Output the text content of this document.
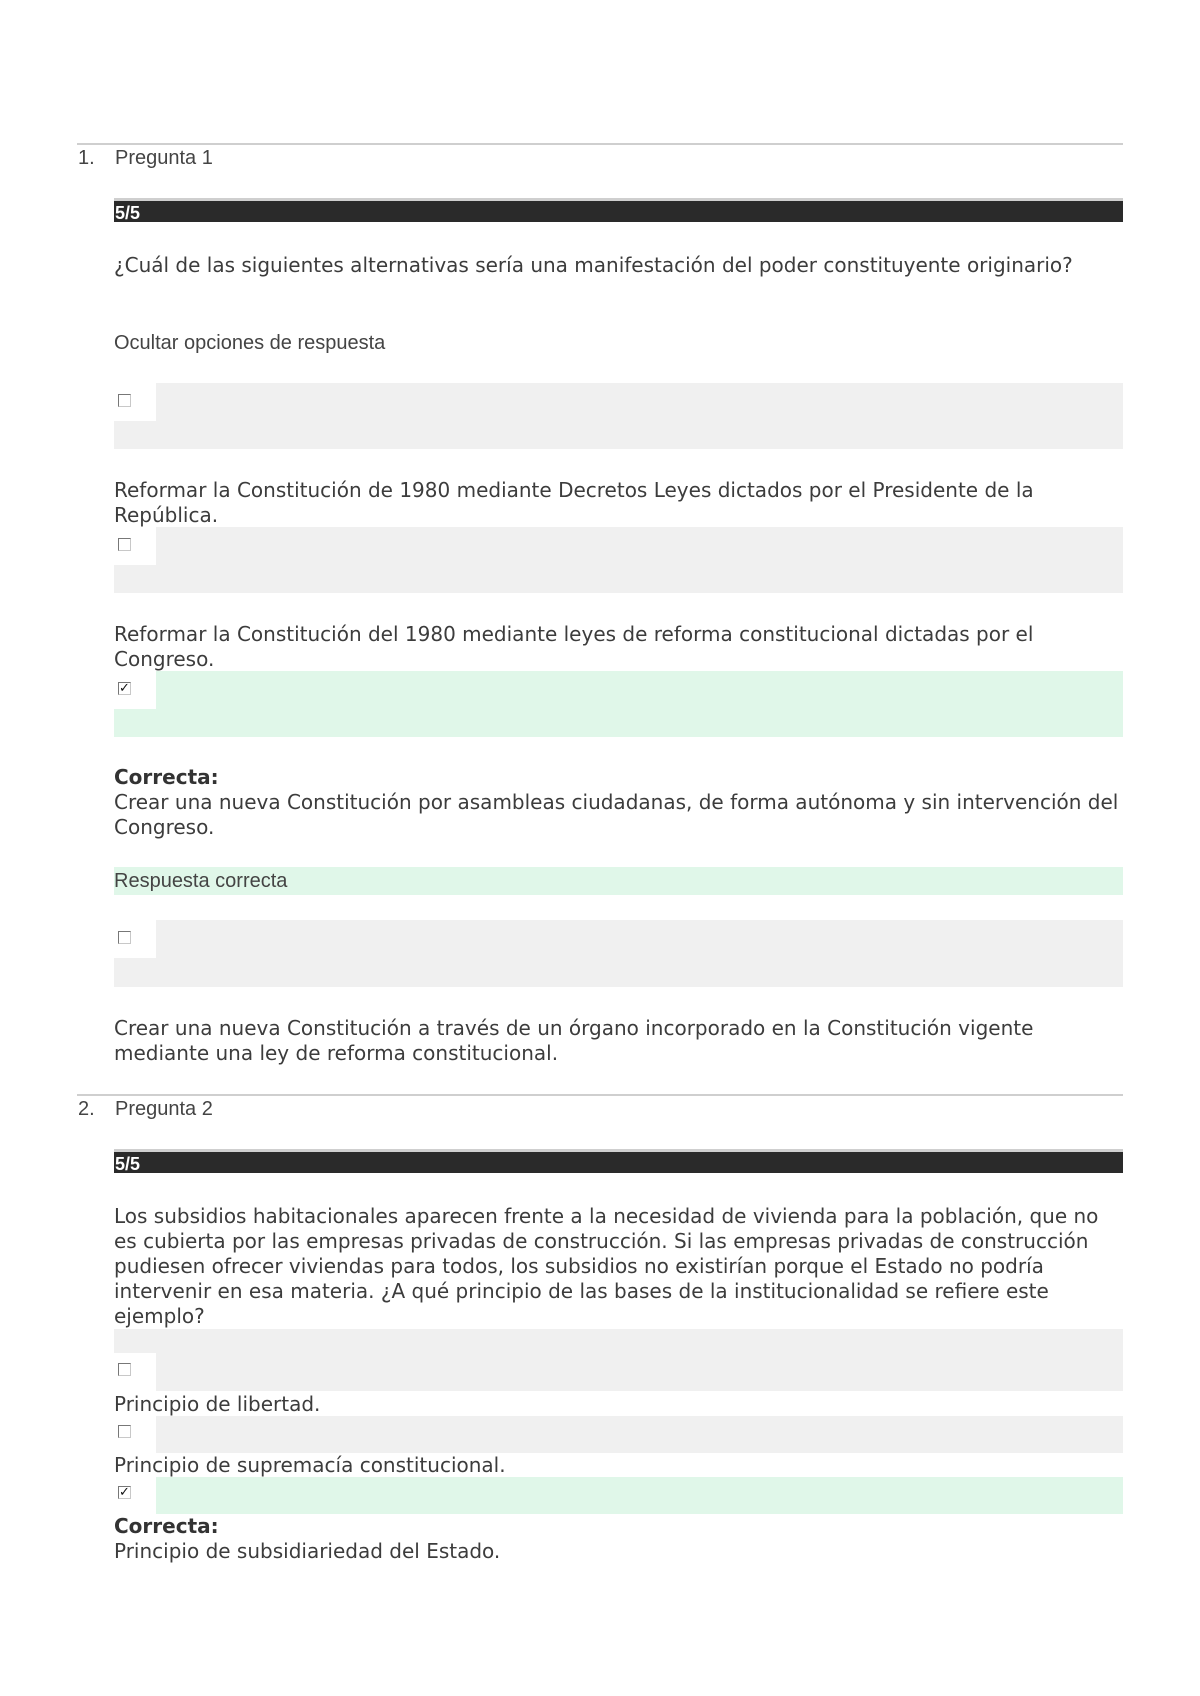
1. Pregunta 1
5/5
¿Cuál de las siguientes alternativas sería una manifestación del poder constituyente originario?
Ocultar opciones de respuesta
Reformar la Constitución de 1980 mediante Decretos Leyes dictados por el Presidente de la República.
Reformar la Constitución del 1980 mediante leyes de reforma constitucional dictadas por el Congreso.
✓
Correcta:
Crear una nueva Constitución por asambleas ciudadanas, de forma autónoma y sin intervención del Congreso.
Respuesta correcta
Crear una nueva Constitución a través de un órgano incorporado en la Constitución vigente mediante una ley de reforma constitucional.
2. Pregunta 2
5/5
Los subsidios habitacionales aparecen frente a la necesidad de vivienda para la población, que no es cubierta por las empresas privadas de construcción. Si las empresas privadas de construcción pudiesen ofrecer viviendas para todos, los subsidios no existirían porque el Estado no podría intervenir en esa materia. ¿A qué principio de las bases de la institucionalidad se refiere este ejemplo?
Principio de libertad.
Principio de supremacía constitucional.
✓
Correcta:
Principio de subsidiariedad del Estado.
